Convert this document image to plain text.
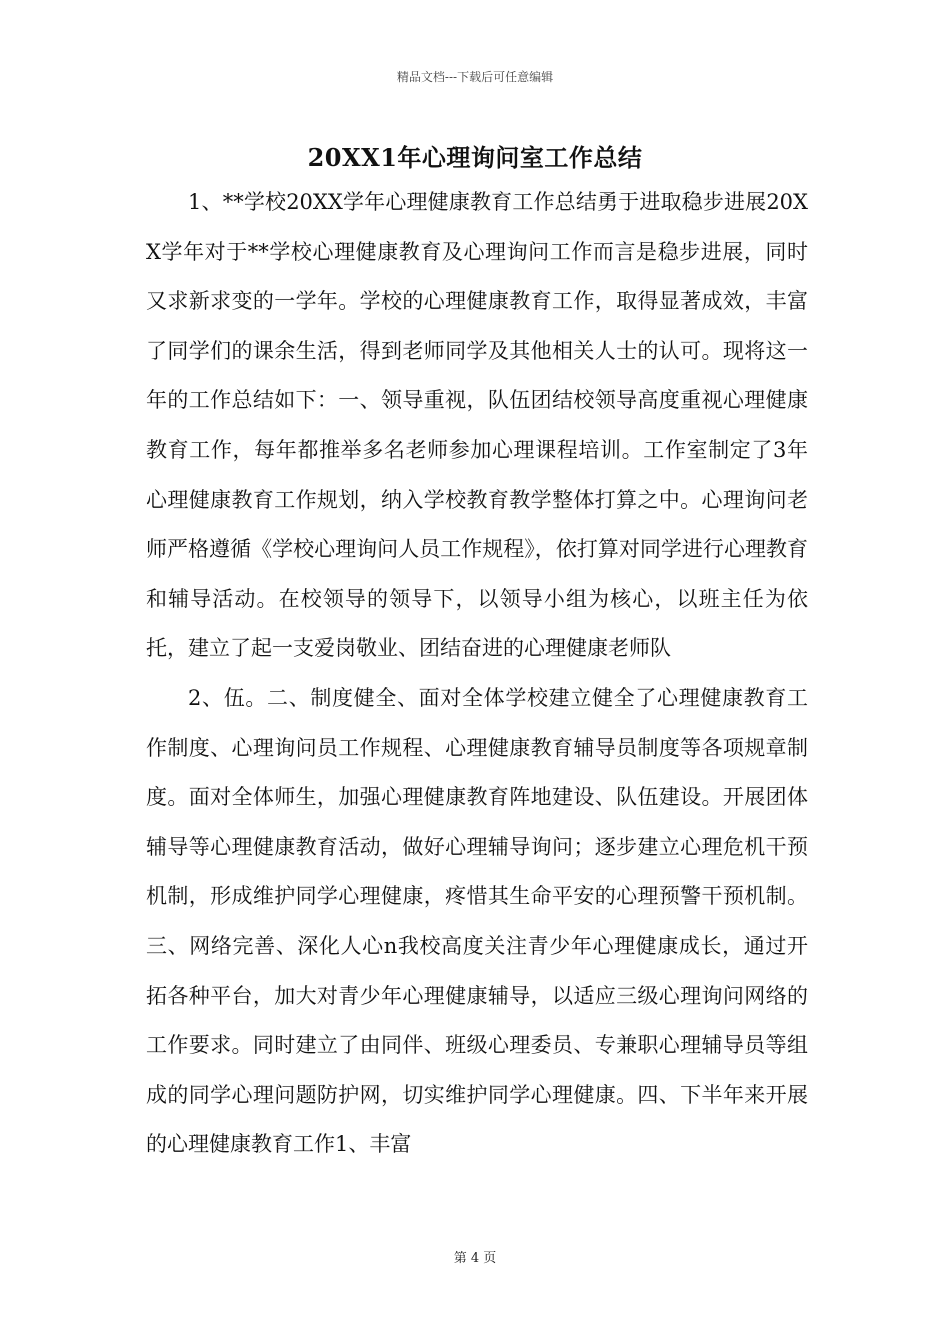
精品文档---下载后可任意编辑
20XX1年心理询问室工作总结

1、**学校20XX学年心理健康教育工作总结勇于进取稳步进展20XX学年对于**学校心理健康教育及心理询问工作而言是稳步进展，同时又求新求变的一学年。学校的心理健康教育工作，取得显著成效，丰富了同学们的课余生活，得到老师同学及其他相关人士的认可。现将这一年的工作总结如下：一、领导重视，队伍团结校领导高度重视心理健康教育工作，每年都推举多名老师参加心理课程培训。工作室制定了3年心理健康教育工作规划，纳入学校教育教学整体打算之中。心理询问老师严格遵循《学校心理询问人员工作规程》，依打算对同学进行心理教育和辅导活动。在校领导的领导下，以领导小组为核心，以班主任为依托，建立了起一支爱岗敬业、团结奋进的心理健康老师队

2、伍。二、制度健全、面对全体学校建立健全了心理健康教育工作制度、心理询问员工作规程、心理健康教育辅导员制度等各项规章制度。面对全体师生，加强心理健康教育阵地建设、队伍建设。开展团体辅导等心理健康教育活动，做好心理辅导询问；逐步建立心理危机干预机制，形成维护同学心理健康，疼惜其生命平安的心理预警干预机制。三、网络完善、深化人心n我校高度关注青少年心理健康成长，通过开拓各种平台，加大对青少年心理健康辅导，以适应三级心理询问网络的工作要求。同时建立了由同伴、班级心理委员、专兼职心理辅导员等组成的同学心理问题防护网，切实维护同学心理健康。四、下半年来开展的心理健康教育工作1、丰富

第 4 页
